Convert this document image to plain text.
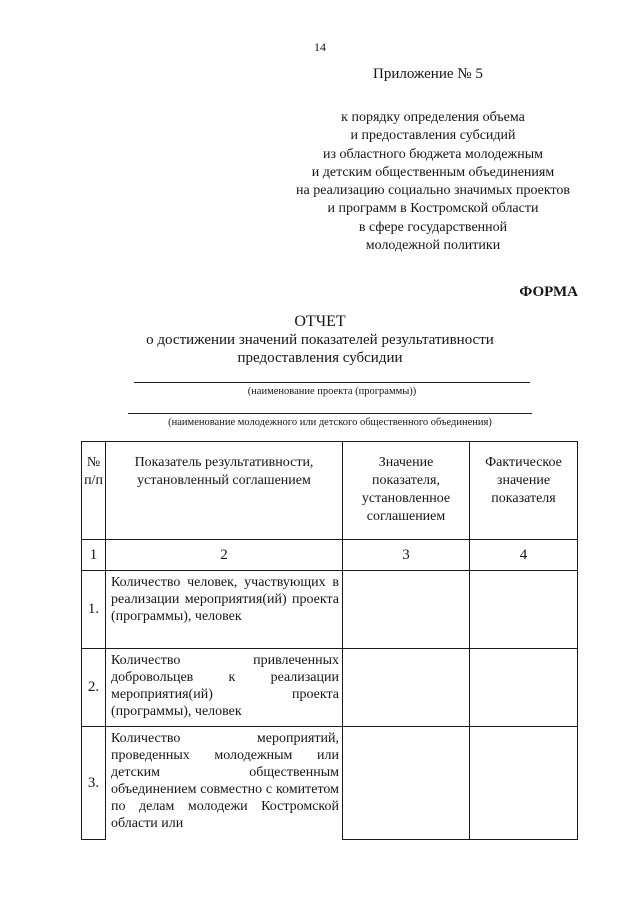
14
Приложение № 5
к порядку определения объема
и предоставления субсидий
из областного бюджета молодежным
и детским общественным объединениям
на реализацию социально значимых проектов
и программ в Костромской области
в сфере государственной
молодежной политики
ФОРМА
ОТЧЕТ
о достижении значений показателей результативности
предоставления субсидии
(наименование проекта (программы))
(наименование молодежного или детского общественного объединения)
№ п/п	Показатель результативности, установленный соглашением	Значение показателя, установленное соглашением	Фактическое значение показателя
1	2	3	4
1.	Количество человек, участвующих в реализации мероприятия(ий) проекта (программы), человек		
2.	Количество привлеченных добровольцев к реализации мероприятия(ий) проекта (программы), человек		
3.	Количество мероприятий, проведенных молодежным или детским общественным объединением совместно с комитетом по делам молодежи Костромской области или		
